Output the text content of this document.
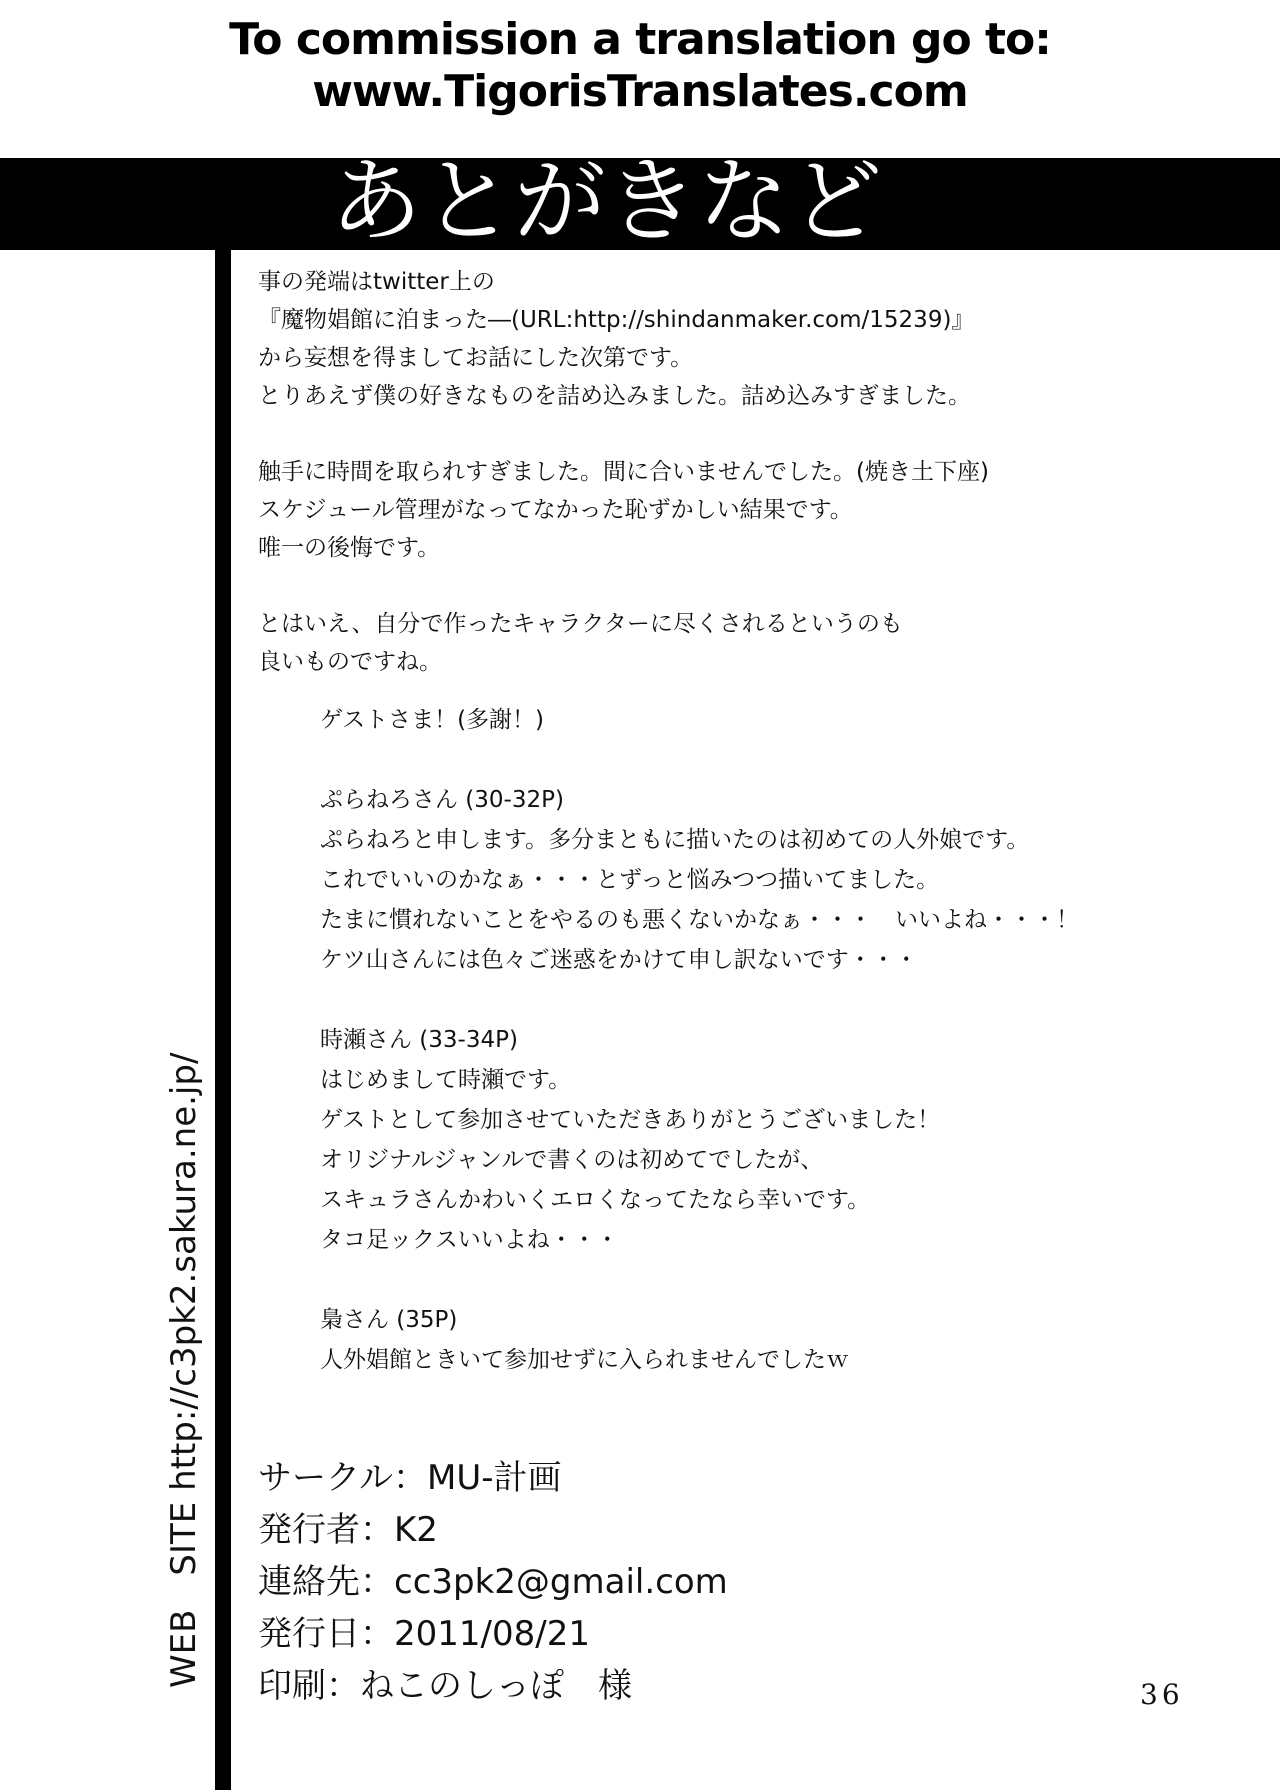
To commission a translation go to:
www.TigorisTranslates.com
あとがきなど
WEB　SITE http://c3pk2.sakura.ne.jp/
事の発端はtwitter上の
『魔物娼館に泊まった―(URL:http://shindanmaker.com/15239)』
から妄想を得ましてお話にした次第です。
とりあえず僕の好きなものを詰め込みました。詰め込みすぎました。
触手に時間を取られすぎました。間に合いませんでした。(焼き土下座)
スケジュール管理がなってなかった恥ずかしい結果です。
唯一の後悔です。
とはいえ、自分で作ったキャラクターに尽くされるというのも
良いものですね。
ゲストさま！(多謝！)
ぷらねろさん (30-32P)
ぷらねろと申します。多分まともに描いたのは初めての人外娘です。
これでいいのかなぁ・・・とずっと悩みつつ描いてました。
たまに慣れないことをやるのも悪くないかなぁ・・・　いいよね・・・！
ケツ山さんには色々ご迷惑をかけて申し訳ないです・・・
時瀬さん (33-34P)
はじめまして時瀬です。
ゲストとして参加させていただきありがとうございました！
オリジナルジャンルで書くのは初めてでしたが、
スキュラさんかわいくエロくなってたなら幸いです。
タコ足ックスいいよね・・・
梟さん (35P)
人外娼館ときいて参加せずに入られませんでしたｗ
サークル：MU-計画
発行者：K2
連絡先：cc3pk2@gmail.com
発行日：2011/08/21
印刷：ねこのしっぽ　様	36
